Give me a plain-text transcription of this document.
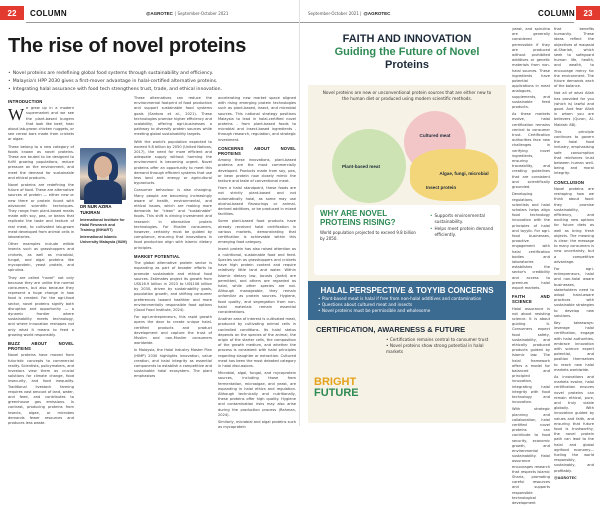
22	COLUMN	@AGROTEC | September-October 2021
The rise of novel proteins
• Novel proteins are redefining global food systems through sustainability and efficiency.
• Malaysia's HPP 2030 gives a first-mover advantage in halal-certified alternative proteins.
• Integrating halal assurance with food tech strengthens trust, trade, and ethical innovation.
INTRODUCTION

We grew up in a modern supermarket and we see the plant-based burgers that look like beef, hear about lab-grown chicken nuggets, or see cereal bars made from crickets or algae.

These belong to a new category of foods known as novel proteins. These are touted to be designed to fulfil growing populations, reduce pressure on the environment, and meet the demand for sustainable and ethical products.

Novel proteins are redefining the future of food. These are alternative sources of protein — either new or new there or protein found with advanced scientific techniques. They range from plant-based meats made with soy, pea, or beans that replicate the taste and texture of real meat, to cultivated lab-grown meat developed from animal cells in laboratories.

Other examples include edible insects such as grasshoppers and crickets, as well as microbial, fungal, and algal proteins like mycoprotein, yeast protein, and spirulina.

They are called "novel" not only because they are unlike the normal consumers, but also because they represent a huge change in how food is created. For the agri-food sector, novel proteins signify both disruption and opportunity — a dynamic frontier where sustainability meets technology, and where innovation reshapes not only what it means to feed a growing world responsibly.

BUZZ ABOUT NOVEL PROTEINS

Novel proteins have moved from futuristic concepts to commercial reality. Scientists, policymakers, and investors view them as crucial solutions for climate change, food insecurity, and food inequality. Traditional livestock farming requires vast amount of land, water, and feed, and contributes to greenhouse gas emissions. In contrast, producing proteins from insects, algae, or microbes demands fewer resources and produces less waste.

DR NUR AZIRA TUKIRAN
International Institute for Halal Research and Training (INHART)
International Islamic University Malaysia (IIUM)

These alternatives can reduce the environmental footprint of food production and support sustainable food systems goals (Santoro et al., 2021). These technologies promise higher efficiency and scalability, offering agri-businesses a pathway to diversify protein sources while meeting global sustainability targets.

With the world's population expected to exceed 9.8 billion by 2050 (United Nations, 2017), the need for more efficient and adequate supply without harming the environment is becoming urgent. Novel proteins offer an opportunity to meet this demand through efficient systems that use less land and energy or agricultural byproducts.

Consumer behaviour is also changing. Many people are becoming increasingly aware of health, environmental, and ethical issues, which are making more demands for "clean" and "sustainable" foods. This shift is driving investment and research in alternative protein technologies. For Muslim consumers, however, certainty must be guided by compliance, ensuring that innovations in food production align with Islamic dietary principles.

MARKET POTENTIAL

The global alternative protein sector is expanding as part of broader efforts to promote sustainable and ethical food sources. Estimates project its growth from US$16.9 billion in 2023 to US$108 billion by 2030, driven by sustainability goals, population growth, and shifting consumer preferences toward healthier and more environmentally responsible food options (Good Food Institute, 2024).

For agri-entrepreneurs, this rapid growth opens the door to create unique halal-certified products and product development and capture the trust of Muslim and non-Muslim consumers worldwide.

In Malaysia, the Halal Industry Master Plan (HIMP) 2030 highlights innovation, value creation, and halal integrity as essential components to establish a competitive and sustainable halal ecosystem. The plant emphasises

accelerating new market space aligned with rising emerging protein technologies such as plant-based, insect, and microbial sources. This national strategy positions Malaysia to lead in halal-certified novel proteins - from plant-based foods to microbial and insect-based ingredients - through research, regulation, and strategic investment.

CONCERNS ABOUT NOVEL PROTEINS

Among these innovations, plant-based proteins are the most commercially developed. Products made from soy, pea, or bean protein now closely mimic the texture and taste of conventional meat.

From a halal standpoint, these foods are not strictly plant-based and not automatically halal, as some may use alcohol-based flavourings or animal-derived additives, or be produced in mixed facilities.

Some plant-based food products have already received halal certification in various markets, demonstrating that certification is achievable within this emerging food category.

Insect protein has also raised attention as a nutritional, sustainable food and feed. Species such as grasshoppers and crickets have high protein content and require relatively little land and water. Within Islamic dietary law, locusts (jarād) are permitted, and others are regarded as halal, while other species are not. Although manageable, they remain unfamiliar as protein sources. Hygiene, food quality, and segregation from non-halal materials remain essential considerations.

Another area of interest is cultivated meat, produced by cultivating animal cells in controlled conditions. Its halal status depends on the species of the animal, the origin of the starter cells, the composition of the growth medium, and whether the process is consistent with halal principles regarding slaughter or extraction. Cultured meat has been the most debated category in halal discussions.

Microbial, algal, fungal, and mycoprotein sources, including those from fermentation, microalgae, and yeast, are expanding in halal ethics and regulation. Although technically and nutritionally, these proteins offer high quality. Hygiene and contamination risks may also arise during the production process (Rahman, 2024).

Similarly, microbial and algal proteins such as mycoprotein

September-October 2021 | @AGROTEC	COLUMN	23
FAITH AND INNOVATION
Guiding the Future of Novel
Proteins
Novel proteins are new or unconventional protein sources that are either new to the human diet or produced using modern scientific methods.
Cultured meat
Plant-based meat
Algae, fungi, microbial
Insect protein
WHY ARE NOVEL PROTEINS RISING?
World population projected to exceed 9.8 billion by 2050.
• Supports environmental sustainability.
• Helps meet protein demand efficiently.
HALAL PERSPECTIVE & TOYYIB CONCERNS
• Plant-based meat is halal if free from non-halal additives and contamination
• Questions about cultured meat and insects
• Novel proteins must be permissible and wholesome
CERTIFICATION, AWARENESS & FUTURE
• Certification remains central to consumer trust
• Novel proteins show strong potential in halal markets
BRIGHT
FUTURE

yeast, and spirulina are generally considered permissible if they are produced without prohibited additives or genetic materials from non-halal sources. These ingredients have potential applications in meat analogues, supplements, and sustainable feed products.

As these markets evolve, halal certification remains central to consumer trust. Certification authorities face new challenges in verifying novel ingredients, ensuring traceability, and creating guidelines that are consistent and scientifically grounded.

Developing regulations, scientists and halal scholars helps align food technology innovation with the principles of halal and toyyib. For agri-food businesses, proactive engagement with halal certification bodies and laboratories establishes the sector's credibility and access to premium halal export markets.

FAITH AND SCIENCE

Halal assurance is not about resisting science. It is about guiding it. Consumers expect food safety, sustainability, and ethically produced products guided by Islamic law. The halal framework offers a model for balanced and principled innovation, integrating halal integrity with food technology and innovation.

With strategic planning and collaboration, halal certified novel proteins can contribute to food security, economic growth, and environmental sustainability. Halal assurance encourages research that respects Islamic Sharia, promoting careful resources and supports responsible technological development

that benefits humanity. These ideas reflect the objectives of maqasid al-Shariah, which seek to safeguard human life, health, and wealth, to encourage mercy for the environment. The future demands each of the balance.

Not all of what Allah has provided for you (which is) lawful and good. And fear Allah in whom you are believers (Quran, Al-Maidah: 88).

This principle continues to govern the halal food industry, emphasising safe consumption that reinforces trust between human well-being and moral integrity.

CONCLUSION

Novel proteins are reshaping how we think about food: they promise sustainability, efficiency, and exciting new options for future diets as well as bring fresh objects. The meaning is clear: the message to many consumers is new uncertainty, but a competitive advantage.

For agri-entrepreneurs, halal and non-halal aware businesses, stakeholders need to adopt halal-aware practices with sustainable strategies to develop new solutions.

Key takeaways: leverage halal certification, engage with halal authorities, embrace innovation with science expert potential, and position themselves to reach new halal markets worldwide.

As innovations and markets evolve, halal certification ensures novel proteins can remain ethical, pure, and truly viable globally. With innovation guided by values and faith, and ensuring that future food is trustworthy, the novel protein path can lead to the halal and global agrifood economy—fueling the world responsibly, sustainably, and profitably.

@AGROTEC
